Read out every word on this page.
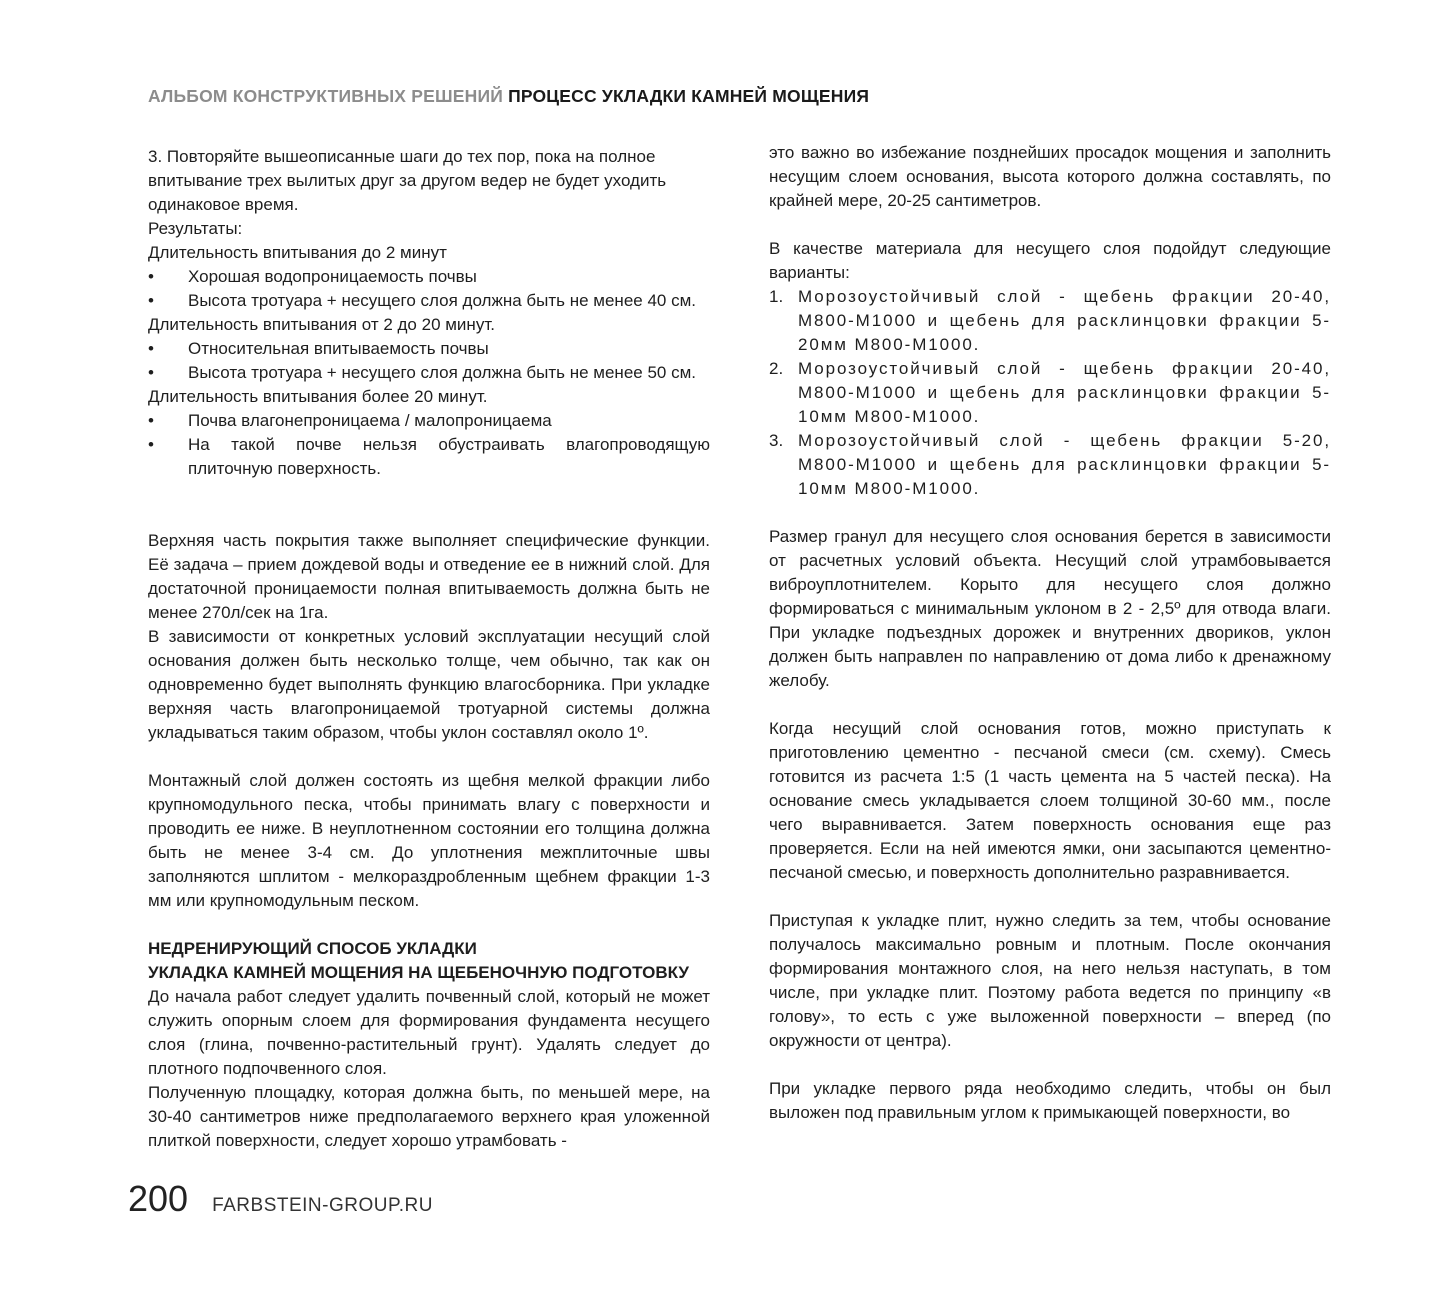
АЛЬБОМ КОНСТРУКТИВНЫХ РЕШЕНИЙ ПРОЦЕСС УКЛАДКИ КАМНЕЙ МОЩЕНИЯ

3. Повторяйте вышеописанные шаги до тех пор, пока на полное впитывание трех вылитых друг за другом ведер не будет уходить одинаковое время.

Результаты:

Длительность впитывания до 2 минут

•	Хорошая водопроницаемость почвы
•	Высота тротуара + несущего слоя должна быть не менее 40 см.

Длительность впитывания от 2 до 20 минут.

•	Относительная впитываемость почвы
•	Высота тротуара + несущего слоя должна быть не менее 50 см.

Длительность впитывания более 20 минут.

•	Почва влагонепроницаема / малопроницаема
•	На такой почве нельзя обустраивать влагопроводящую плиточную поверхность.

Верхняя часть покрытия также выполняет специфические функции. Её задача – прием дождевой воды и отведение ее в нижний слой. Для достаточной проницаемости полная впитываемость должна быть не менее 270л/сек на 1га.

В зависимости от конкретных условий эксплуатации несущий слой основания должен быть несколько толще, чем обычно, так как он одновременно будет выполнять функцию влагосборника. При укладке верхняя часть влагопроницаемой тротуарной системы должна укладываться таким образом, чтобы уклон составлял около 1º.

Монтажный слой должен состоять из щебня мелкой фракции либо крупномодульного песка, чтобы принимать влагу с поверхности и проводить ее ниже. В неуплотненном состоянии его толщина должна быть не менее 3-4 см. До уплотнения межплиточные швы заполняются шплитом - мелкораздробленным щебнем фракции 1-3 мм или крупномодульным песком.

НЕДРЕНИРУЮЩИЙ СПОСОБ УКЛАДКИ

УКЛАДКА КАМНЕЙ МОЩЕНИЯ НА ЩЕБЕНОЧНУЮ ПОДГОТОВКУ

До начала работ следует удалить почвенный слой, который не может служить опорным слоем для формирования фундамента несущего слоя (глина, почвенно-растительный грунт). Удалять следует до плотного подпочвенного слоя.

Полученную площадку, которая должна быть, по меньшей мере, на 30-40 сантиметров ниже предполагаемого верхнего края уложенной плиткой поверхности, следует хорошо утрамбовать -

это важно во избежание позднейших просадок мощения и заполнить несущим слоем основания, высота которого должна составлять, по крайней мере, 20-25 сантиметров.

В качестве материала для несущего слоя подойдут следующие варианты:

1. Морозоустойчивый слой - щебень фракции 20-40, М800-М1000 и щебень для расклинцовки фракции 5-20мм М800-М1000.
2. Морозоустойчивый слой - щебень фракции 20-40, М800-М1000 и щебень для расклинцовки фракции 5-10мм М800-М1000.
3. Морозоустойчивый слой - щебень фракции 5-20, М800-М1000 и щебень для расклинцовки фракции 5-10мм М800-М1000.

Размер гранул для несущего слоя основания берется в зависимости от расчетных условий объекта. Несущий слой утрамбовывается виброуплотнителем. Корыто для несущего слоя должно формироваться с минимальным уклоном в 2 - 2,5º для отвода влаги. При укладке подъездных дорожек и внутренних двориков, уклон должен быть направлен по направлению от дома либо к дренажному желобу.

Когда несущий слой основания готов, можно приступать к приготовлению цементно - песчаной смеси (см. схему). Смесь готовится из расчета 1:5 (1 часть цемента на 5 частей песка). На основание смесь укладывается слоем толщиной 30-60 мм., после чего выравнивается. Затем поверхность основания еще раз проверяется. Если на ней имеются ямки, они засыпаются цементно-песчаной смесью, и поверхность дополнительно разравнивается.

Приступая к укладке плит, нужно следить за тем, чтобы основание получалось максимально ровным и плотным. После окончания формирования монтажного слоя, на него нельзя наступать, в том числе, при укладке плит. Поэтому работа ведется по принципу «в голову», то есть с уже выложенной поверхности – вперед (по окружности от центра).

При укладке первого ряда необходимо следить, чтобы он был выложен под правильным углом к примыкающей поверхности, во

200 FARBSTEIN-GROUP.RU
